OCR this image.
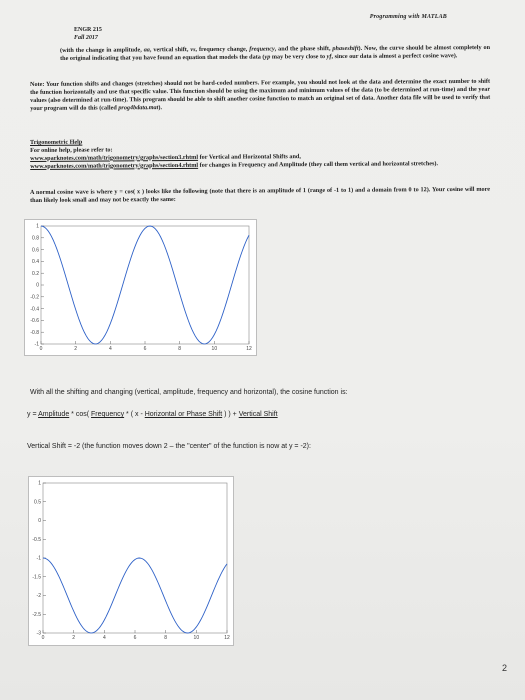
Programming with MATLAB
ENGR 215
Fall 2017
(with the change in amplitude, aa, vertical shift, vs, frequency change, frequency, and the phase shift, phaseshift). Now, the curve should be almost completely on the original indicating that you have found an equation that models the data (yp may be very close to yf, since our data is almost a perfect cosine wave).
Note: Your function shifts and changes (stretches) should not be hard-coded numbers. For example, you should not look at the data and determine the exact number to shift the function horizontally and use that specific value. This function should be using the maximum and minimum values of the data (to be determined at run-time) and the year values (also determined at run-time). This program should be able to shift another cosine function to match an original set of data. Another data file will be used to verify that your program will do this (called prog4bdata.mat).
Trigonometric Help
For online help, please refer to:
www.sparknotes.com/math/trigonometry/graphs/section3.rhtml for Vertical and Horizontal Shifts and,
www.sparknotes.com/math/trigonometry/graphs/section4.rhtml for changes in Frequency and Amplitude (they call them vertical and horizontal stretches).
A normal cosine wave is where y = cos( x ) looks like the following (note that there is an amplitude of 1 (range of -1 to 1) and a domain from 0 to 12). Your cosine will more than likely look small and may not be exactly the same:
1
0.8
0.6
0.4
0.2
0
-0.2
-0.4
-0.6
-0.8
-1
0	2	4	6	8	10	12
With all the shifting and changing (vertical, amplitude, frequency and horizontal), the cosine function is:
y = Amplitude * cos( Frequency * ( x - Horizontal or Phase Shift ) ) + Vertical Shift
Vertical Shift = -2 (the function moves down 2 – the "center" of the function is now at y = -2):
1
0.5
0
-0.5
-1
-1.5
-2
-2.5
-3
0	2	4	6	8	10	12
2
